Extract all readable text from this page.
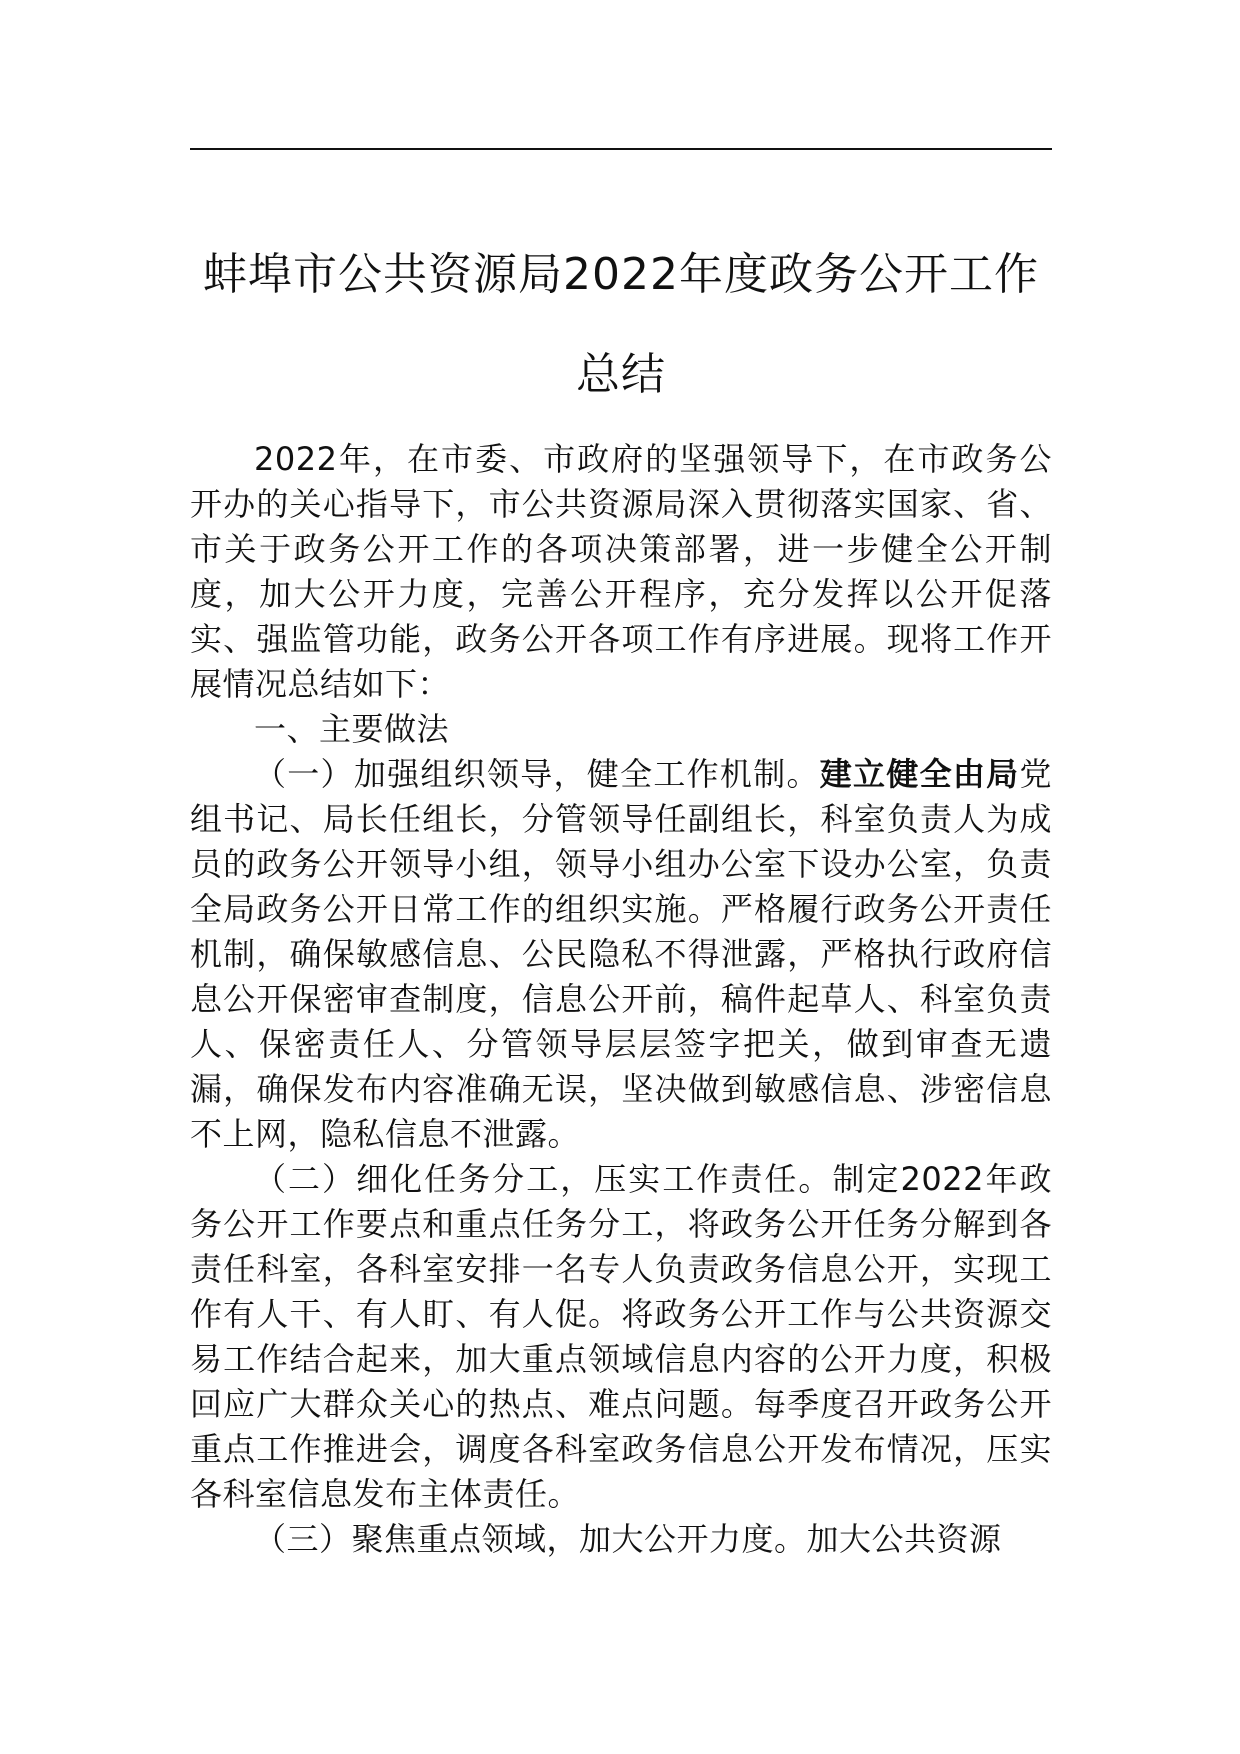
蚌埠市公共资源局2022年度政务公开工作
总结

2022年，在市委、市政府的坚强领导下，在市政务公开办的关心指导下，市公共资源局深入贯彻落实国家、省、市关于政务公开工作的各项决策部署，进一步健全公开制度，加大公开力度，完善公开程序，充分发挥以公开促落实、强监管功能，政务公开各项工作有序进展。现将工作开展情况总结如下：

一、主要做法

（一）加强组织领导，健全工作机制。建立健全由局党组书记、局长任组长，分管领导任副组长，科室负责人为成员的政务公开领导小组，领导小组办公室下设办公室，负责全局政务公开日常工作的组织实施。严格履行政务公开责任机制，确保敏感信息、公民隐私不得泄露，严格执行政府信息公开保密审查制度，信息公开前，稿件起草人、科室负责人、保密责任人、分管领导层层签字把关，做到审查无遗漏，确保发布内容准确无误，坚决做到敏感信息、涉密信息不上网，隐私信息不泄露。

（二）细化任务分工，压实工作责任。制定2022年政务公开工作要点和重点任务分工，将政务公开任务分解到各责任科室，各科室安排一名专人负责政务信息公开，实现工作有人干、有人盯、有人促。将政务公开工作与公共资源交易工作结合起来，加大重点领域信息内容的公开力度，积极回应广大群众关心的热点、难点问题。每季度召开政务公开重点工作推进会，调度各科室政务信息公开发布情况，压实各科室信息发布主体责任。

（三）聚焦重点领域，加大公开力度。加大公共资源
